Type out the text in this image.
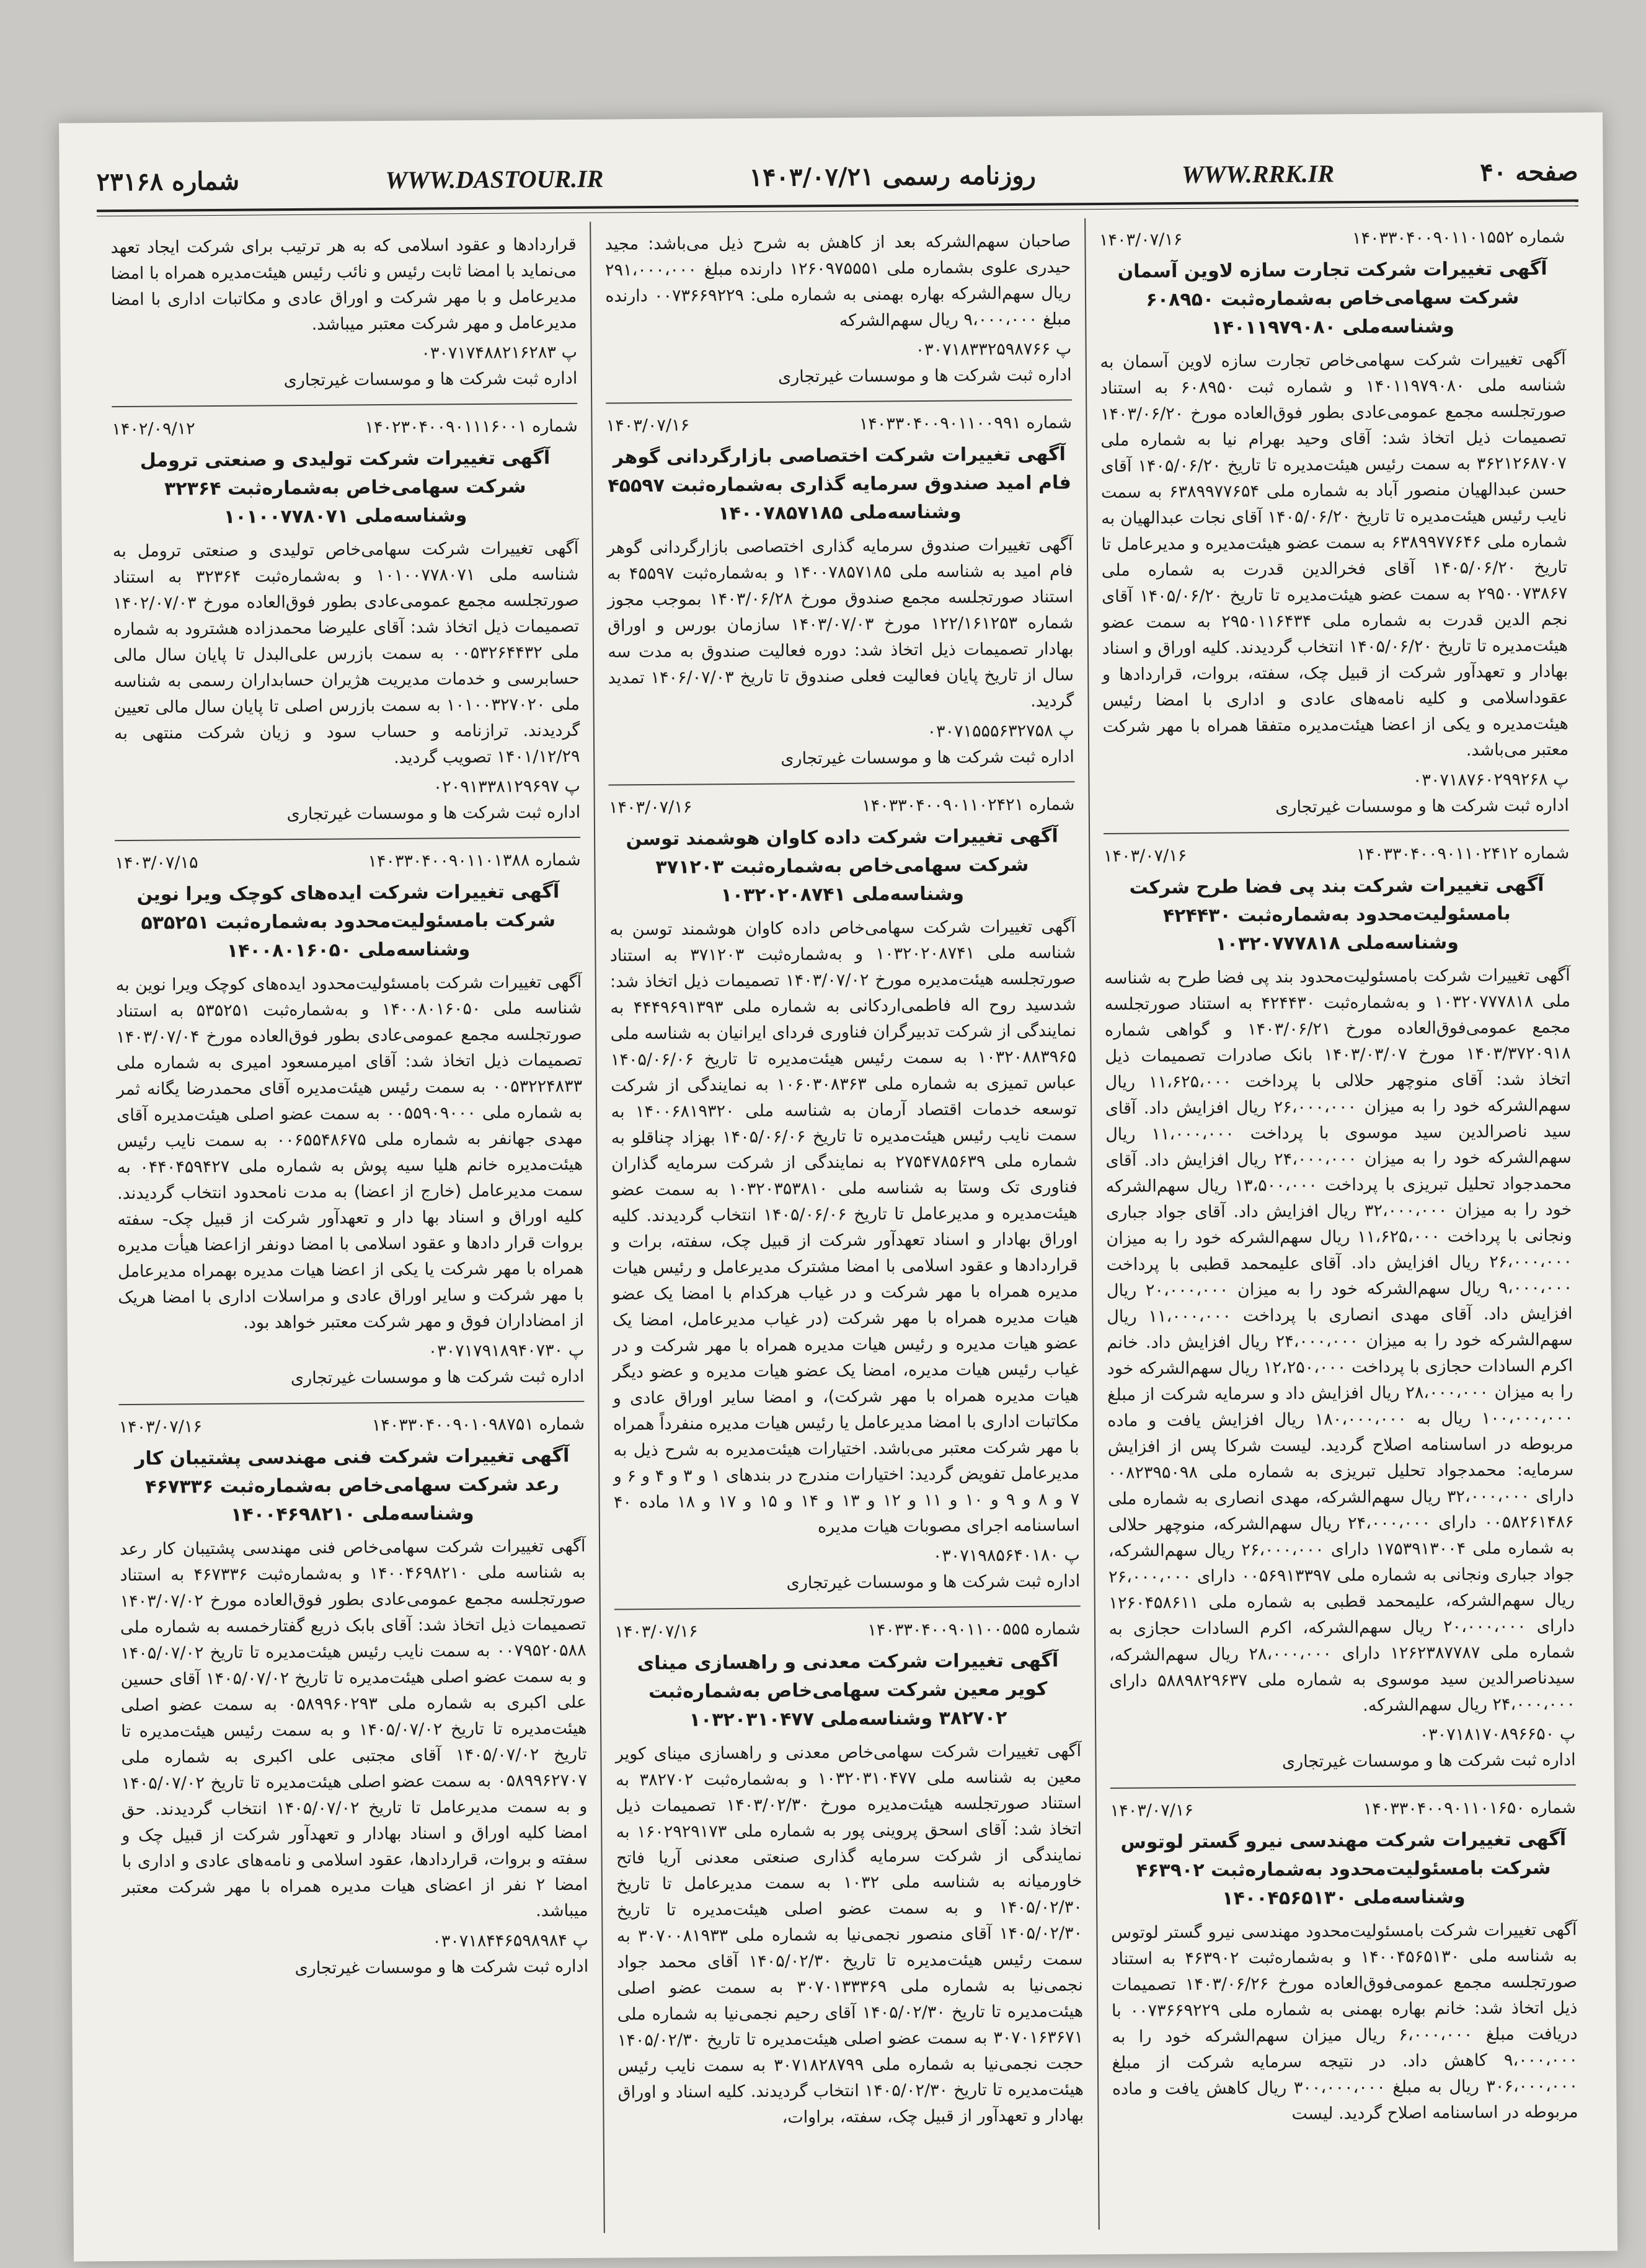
صفحه ۴۰
WWW.RRK.IR
روزنامه رسمی ۱۴۰۳/۰۷/۲۱
WWW.DASTOUR.IR
شماره ۲۳۱۶۸
شماره ۱۴۰۳۳۰۴۰۰۹۰۱۱۰۱۵۵۲
۱۴۰۳/۰۷/۱۶
آگهی تغییرات شرکت تجارت سازه لاوین آسمان شرکت سهامی‌خاص به‌شماره‌ثبت ۶۰۸۹۵۰ وشناسه‌ملی ۱۴۰۱۱۹۷۹۰۸۰

آگهی تغییرات شرکت سهامی‌خاص تجارت سازه لاوین آسمان به شناسه ملی ۱۴۰۱۱۹۷۹۰۸۰ و شماره ثبت ۶۰۸۹۵۰ به استناد صورتجلسه مجمع عمومی‌عادی بطور فوق‌العاده مورخ ۱۴۰۳/۰۶/۲۰ تصمیمات ذیل اتخاذ شد: آقای وحید بهرام نیا به شماره ملی ۳۶۲۱۲۶۸۷۰۷ به سمت رئیس هیئت‌مدیره تا تاریخ ۱۴۰۵/۰۶/۲۰ آقای حسن عبدالهیان منصور آباد به شماره ملی ۶۳۸۹۹۷۷۶۵۴ به سمت نایب رئیس هیئت‌مدیره تا تاریخ ۱۴۰۵/۰۶/۲۰ آقای نجات عبدالهیان به شماره ملی ۶۳۸۹۹۷۷۶۴۶ به سمت عضو هیئت‌مدیره و مدیرعامل تا تاریخ ۱۴۰۵/۰۶/۲۰ آقای فخرالدین قدرت به شماره ملی ۲۹۵۰۰۷۳۸۶۷ به سمت عضو هیئت‌مدیره تا تاریخ ۱۴۰۵/۰۶/۲۰ آقای نجم الدین قدرت به شماره ملی ۲۹۵۰۱۱۶۴۳۴ به سمت عضو هیئت‌مدیره تا تاریخ ۱۴۰۵/۰۶/۲۰ انتخاب گردیدند. کلیه اوراق و اسناد بهادار و تعهدآور شرکت از قبیل چک، سفته، بروات، قراردادها و عقوداسلامی و کلیه نامه‌های عادی و اداری با امضا رئیس هیئت‌مدیره و یکی از اعضا هیئت‌مدیره متفقا همراه با مهر شرکت معتبر می‌باشد.

پ ۰۳۰۷۱۸۷۶۰۲۹۹۲۶۸
اداره ثبت شرکت ها و موسسات غیرتجاری
شماره ۱۴۰۳۳۰۴۰۰۹۰۱۱۰۲۴۱۲
۱۴۰۳/۰۷/۱۶
آگهی تغییرات شرکت بند پی فضا طرح شرکت بامسئولیت‌محدود به‌شماره‌ثبت ۴۲۴۴۳۰ وشناسه‌ملی ۱۰۳۲۰۷۷۷۸۱۸

آگهی تغییرات شرکت بامسئولیت‌محدود بند پی فضا طرح به شناسه ملی ۱۰۳۲۰۷۷۷۸۱۸ و به‌شماره‌ثبت ۴۲۴۴۳۰ به استناد صورتجلسه مجمع عمومی‌فوق‌العاده مورخ ۱۴۰۳/۰۶/۲۱ و گواهی شماره ۱۴۰۳/۳۷۲۰۹۱۸ مورخ ۱۴۰۳/۰۳/۰۷ بانک صادرات تصمیمات ذیل اتخاذ شد: آقای منوچهر حلالی با پرداخت ۱۱،۶۲۵،۰۰۰ ریال سهم‌الشرکه خود را به میزان ۲۶،۰۰۰،۰۰۰ ریال افزایش داد. آقای سید ناصرالدین سید موسوی با پرداخت ۱۱،۰۰۰،۰۰۰ ریال سهم‌الشرکه خود را به میزان ۲۴،۰۰۰،۰۰۰ ریال افزایش داد. آقای محمدجواد تحلیل تبریزی با پرداخت ۱۳،۵۰۰،۰۰۰ ریال سهم‌الشرکه خود را به میزان ۳۲،۰۰۰،۰۰۰ ریال افزایش داد. آقای جواد جباری ونجانی با پرداخت ۱۱،۶۲۵،۰۰۰ ریال سهم‌الشرکه خود را به میزان ۲۶،۰۰۰،۰۰۰ ریال افزایش داد. آقای علیمحمد قطبی با پرداخت ۹،۰۰۰،۰۰۰ ریال سهم‌الشرکه خود را به میزان ۲۰،۰۰۰،۰۰۰ ریال افزایش داد. آقای مهدی انصاری با پرداخت ۱۱،۰۰۰،۰۰۰ ریال سهم‌الشرکه خود را به میزان ۲۴،۰۰۰،۰۰۰ ریال افزایش داد. خانم اکرم السادات حجازی با پرداخت ۱۲،۲۵۰،۰۰۰ ریال سهم‌الشرکه خود را به میزان ۲۸،۰۰۰،۰۰۰ ریال افزایش داد و سرمایه شرکت از مبلغ ۱۰۰،۰۰۰،۰۰۰ ریال به ۱۸۰،۰۰۰،۰۰۰ ریال افزایش یافت و ماده مربوطه در اساسنامه اصلاح گردید. لیست شرکا پس از افزایش سرمایه: محمدجواد تحلیل تبریزی به شماره ملی ۰۰۸۲۳۹۵۰۹۸ دارای ۳۲،۰۰۰،۰۰۰ ریال سهم‌الشرکه، مهدی انصاری به شماره ملی ۰۰۵۸۲۶۱۴۸۶ دارای ۲۴،۰۰۰،۰۰۰ ریال سهم‌الشرکه، منوچهر حلالی به شماره ملی ۱۷۵۳۹۱۳۰۰۴ دارای ۲۶،۰۰۰،۰۰۰ ریال سهم‌الشرکه، جواد جباری ونجانی به شماره ملی ۰۰۵۶۹۱۳۳۹۷ دارای ۲۶،۰۰۰،۰۰۰ ریال سهم‌الشرکه، علیمحمد قطبی به شماره ملی ۱۲۶۰۴۵۸۶۱۱ دارای ۲۰،۰۰۰،۰۰۰ ریال سهم‌الشرکه، اکرم السادات حجازی به شماره ملی ۱۲۶۲۳۸۷۷۸۷ دارای ۲۸،۰۰۰،۰۰۰ ریال سهم‌الشرکه، سیدناصرالدین سید موسوی به شماره ملی ۵۸۸۹۸۲۹۶۳۷ دارای ۲۴،۰۰۰،۰۰۰ ریال سهم‌الشرکه.

پ ۰۳۰۷۱۸۱۷۰۸۹۶۶۵۰
اداره ثبت شرکت ها و موسسات غیرتجاری
شماره ۱۴۰۳۳۰۴۰۰۹۰۱۱۰۱۶۵۰
۱۴۰۳/۰۷/۱۶
آگهی تغییرات شرکت مهندسی نیرو گستر لوتوس شرکت بامسئولیت‌محدود به‌شماره‌ثبت ۴۶۳۹۰۲ وشناسه‌ملی ۱۴۰۰۴۵۶۵۱۳۰

آگهی تغییرات شرکت بامسئولیت‌محدود مهندسی نیرو گستر لوتوس به شناسه ملی ۱۴۰۰۴۵۶۵۱۳۰ و به‌شماره‌ثبت ۴۶۳۹۰۲ به استناد صورتجلسه مجمع عمومی‌فوق‌العاده مورخ ۱۴۰۳/۰۶/۲۶ تصمیمات ذیل اتخاذ شد: خانم بهاره بهمنی به شماره ملی ۰۰۷۳۶۶۹۲۲۹ با دریافت مبلغ ۶،۰۰۰،۰۰۰ ریال میزان سهم‌الشرکه خود را به ۹،۰۰۰،۰۰۰ کاهش داد. در نتیجه سرمایه شرکت از مبلغ ۳۰۶،۰۰۰،۰۰۰ ریال به مبلغ ۳۰۰،۰۰۰،۰۰۰ ریال کاهش یافت و ماده مربوطه در اساسنامه اصلاح گردید. لیست

صاحبان سهم‌الشرکه بعد از کاهش به شرح ذیل می‌باشد: مجید حیدری علوی بشماره ملی ۱۲۶۰۹۷۵۵۵۱ دارنده مبلغ ۲۹۱،۰۰۰،۰۰۰ ریال سهم‌الشرکه بهاره بهمنی به شماره ملی: ۰۰۷۳۶۶۹۲۲۹ دارنده مبلغ ۹،۰۰۰،۰۰۰ ریال سهم‌الشرکه

پ ۰۳۰۷۱۸۳۳۲۵۹۸۷۶۶
اداره ثبت شرکت ها و موسسات غیرتجاری
شماره ۱۴۰۳۳۰۴۰۰۹۰۱۱۰۰۹۹۱
۱۴۰۳/۰۷/۱۶
آگهی تغییرات شرکت اختصاصی بازارگردانی گوهر فام امید صندوق سرمایه گذاری به‌شماره‌ثبت ۴۵۵۹۷ وشناسه‌ملی ۱۴۰۰۷۸۵۷۱۸۵

آگهی تغییرات صندوق سرمایه گذاری اختصاصی بازارگردانی گوهر فام امید به شناسه ملی ۱۴۰۰۷۸۵۷۱۸۵ و به‌شماره‌ثبت ۴۵۵۹۷ به استناد صورتجلسه مجمع صندوق مورخ ۱۴۰۳/۰۶/۲۸ بموجب مجوز شماره ۱۲۲/۱۶۱۲۵۳ مورخ ۱۴۰۳/۰۷/۰۳ سازمان بورس و اوراق بهادار تصمیمات ذیل اتخاذ شد: دوره فعالیت صندوق به مدت سه سال از تاریخ پایان فعالیت فعلی صندوق تا تاریخ ۱۴۰۶/۰۷/۰۳ تمدید گردید.

پ ۰۳۰۷۱۵۵۵۶۳۲۷۵۸
اداره ثبت شرکت ها و موسسات غیرتجاری
شماره ۱۴۰۳۳۰۴۰۰۹۰۱۱۰۲۴۲۱
۱۴۰۳/۰۷/۱۶
آگهی تغییرات شرکت داده کاوان هوشمند توسن شرکت سهامی‌خاص به‌شماره‌ثبت ۳۷۱۲۰۳ وشناسه‌ملی ۱۰۳۲۰۲۰۸۷۴۱

آگهی تغییرات شرکت سهامی‌خاص داده کاوان هوشمند توسن به شناسه ملی ۱۰۳۲۰۲۰۸۷۴۱ و به‌شماره‌ثبت ۳۷۱۲۰۳ به استناد صورتجلسه هیئت‌مدیره مورخ ۱۴۰۳/۰۷/۰۲ تصمیمات ذیل اتخاذ شد: شدسید روح اله فاطمی‌اردکانی به شماره ملی ۴۴۴۹۶۹۱۳۹۳ به نمایندگی از شرکت تدبیرگران فناوری فردای ایرانیان به شناسه ملی ۱۰۳۲۰۸۸۳۹۶۵ به سمت رئیس هیئت‌مدیره تا تاریخ ۱۴۰۵/۰۶/۰۶ عباس تمیزی به شماره ملی ۱۰۶۰۳۰۸۳۶۳ به نمایندگی از شرکت توسعه خدمات اقتصاد آرمان به شناسه ملی ۱۴۰۰۶۸۱۹۳۲۰ به سمت نایب رئیس هیئت‌مدیره تا تاریخ ۱۴۰۵/۰۶/۰۶ بهزاد چناقلو به شماره ملی ۲۷۵۴۷۸۵۶۳۹ به نمایندگی از شرکت سرمایه گذاران فناوری تک وستا به شناسه ملی ۱۰۳۲۰۳۵۳۸۱۰ به سمت عضو هیئت‌مدیره و مدیرعامل تا تاریخ ۱۴۰۵/۰۶/۰۶ انتخاب گردیدند. کلیه اوراق بهادار و اسناد تعهدآور شرکت از قبیل چک، سفته، برات و قراردادها و عقود اسلامی با امضا مشترک مدیرعامل و رئیس هیات مدیره همراه با مهر شرکت و در غیاب هرکدام با امضا یک عضو هیات مدیره همراه با مهر شرکت (در غیاب مدیرعامل، امضا یک عضو هیات مدیره و رئیس هیات مدیره همراه با مهر شرکت و در غیاب رئیس هیات مدیره، امضا یک عضو هیات مدیره و عضو دیگر هیات مدیره همراه با مهر شرکت)، و امضا سایر اوراق عادی و مکاتبات اداری با امضا مدیرعامل یا رئیس هیات مدیره منفرداً همراه با مهر شرکت معتبر می‌باشد. اختیارات هیئت‌مدیره به شرح ذیل به مدیرعامل تفویض گردید: اختیارات مندرج در بندهای ۱ و ۳ و ۴ و ۶ و ۷ و ۸ و ۹ و ۱۰ و ۱۱ و ۱۲ و ۱۳ و ۱۴ و ۱۵ و ۱۷ و ۱۸ ماده ۴۰ اساسنامه اجرای مصوبات هیات مدیره

پ ۰۳۰۷۱۹۸۵۶۴۰۱۸۰
اداره ثبت شرکت ها و موسسات غیرتجاری
شماره ۱۴۰۳۳۰۴۰۰۹۰۱۱۰۰۵۵۵
۱۴۰۳/۰۷/۱۶
آگهی تغییرات شرکت معدنی و راهسازی مینای کویر معین شرکت سهامی‌خاص به‌شماره‌ثبت ۳۸۲۷۰۲ وشناسه‌ملی ۱۰۳۲۰۳۱۰۴۷۷

آگهی تغییرات شرکت سهامی‌خاص معدنی و راهسازی مینای کویر معین به شناسه ملی ۱۰۳۲۰۳۱۰۴۷۷ و به‌شماره‌ثبت ۳۸۲۷۰۲ به استناد صورتجلسه هیئت‌مدیره مورخ ۱۴۰۳/۰۲/۳۰ تصمیمات ذیل اتخاذ شد: آقای اسحق پروینی پور به شماره ملی ۱۶۰۲۹۲۹۱۷۳ به نمایندگی از شرکت سرمایه گذاری صنعتی معدنی آریا فاتح خاورمیانه به شناسه ملی ۱۰۳۲ به سمت مدیرعامل تا تاریخ ۱۴۰۵/۰۲/۳۰ و به سمت عضو اصلی هیئت‌مدیره تا تاریخ ۱۴۰۵/۰۲/۳۰ آقای منصور نجمی‌نیا به شماره ملی ۳۰۷۰۰۸۱۹۳۳ به سمت رئیس هیئت‌مدیره تا تاریخ ۱۴۰۵/۰۲/۳۰ آقای محمد جواد نجمی‌نیا به شماره ملی ۳۰۷۰۱۳۳۳۶۹ به سمت عضو اصلی هیئت‌مدیره تا تاریخ ۱۴۰۵/۰۲/۳۰ آقای رحیم نجمی‌نیا به شماره ملی ۳۰۷۰۱۶۳۶۷۱ به سمت عضو اصلی هیئت‌مدیره تا تاریخ ۱۴۰۵/۰۲/۳۰ حجت نجمی‌نیا به شماره ملی ۳۰۷۱۸۲۸۷۹۹ به سمت نایب رئیس هیئت‌مدیره تا تاریخ ۱۴۰۵/۰۲/۳۰ انتخاب گردیدند. کلیه اسناد و اوراق بهادار و تعهدآور از قبیل چک، سفته، براوات،

قراردادها و عقود اسلامی که به هر ترتیب برای شرکت ایجاد تعهد می‌نماید با امضا ثابت رئیس و نائب رئیس هیئت‌مدیره همراه با امضا مدیرعامل و با مهر شرکت و اوراق عادی و مکاتبات اداری با امضا مدیرعامل و مهر شرکت معتبر میباشد.

پ ۰۳۰۷۱۷۴۸۸۲۱۶۲۸۳
اداره ثبت شرکت ها و موسسات غیرتجاری
شماره ۱۴۰۲۳۰۴۰۰۹۰۱۱۱۶۰۰۱
۱۴۰۲/۰۹/۱۲
آگهی تغییرات شرکت تولیدی و صنعتی ترومل شرکت سهامی‌خاص به‌شماره‌ثبت ۳۲۳۶۴ وشناسه‌ملی ۱۰۱۰۰۷۷۸۰۷۱

آگهی تغییرات شرکت سهامی‌خاص تولیدی و صنعتی ترومل به شناسه ملی ۱۰۱۰۰۷۷۸۰۷۱ و به‌شماره‌ثبت ۳۲۳۶۴ به استناد صورتجلسه مجمع عمومی‌عادی بطور فوق‌العاده مورخ ۱۴۰۲/۰۷/۰۳ تصمیمات ذیل اتخاذ شد: آقای علیرضا محمدزاده هشترود به شماره ملی ۰۰۵۳۲۶۴۴۳۲ به سمت بازرس علی‌البدل تا پایان سال مالی حسابرسی و خدمات مدیریت هژیران حسابداران رسمی به شناسه ملی ۱۰۱۰۰۳۲۷۰۲۰ به سمت بازرس اصلی تا پایان سال مالی تعیین گردیدند. ترازنامه و حساب سود و زیان شرکت منتهی به ۱۴۰۱/۱۲/۲۹ تصویب گردید.

پ ۰۲۰۹۱۳۳۸۱۲۹۶۹۷
اداره ثبت شرکت ها و موسسات غیرتجاری
شماره ۱۴۰۳۳۰۴۰۰۹۰۱۱۰۱۳۸۸
۱۴۰۳/۰۷/۱۵
آگهی تغییرات شرکت ایده‌های کوچک ویرا نوین شرکت بامسئولیت‌محدود به‌شماره‌ثبت ۵۳۵۲۵۱ وشناسه‌ملی ۱۴۰۰۸۰۱۶۰۵۰

آگهی تغییرات شرکت بامسئولیت‌محدود ایده‌های کوچک ویرا نوین به شناسه ملی ۱۴۰۰۸۰۱۶۰۵۰ و به‌شماره‌ثبت ۵۳۵۲۵۱ به استناد صورتجلسه مجمع عمومی‌عادی بطور فوق‌العاده مورخ ۱۴۰۳/۰۷/۰۴ تصمیمات ذیل اتخاذ شد: آقای امیرمسعود امیری به شماره ملی ۰۰۵۳۲۲۴۸۳۳ به سمت رئیس هیئت‌مدیره آقای محمدرضا یگانه ثمر به شماره ملی ۰۰۵۵۹۰۹۰۰۰ به سمت عضو اصلی هیئت‌مدیره آقای مهدی جهانفر به شماره ملی ۰۰۶۵۵۴۸۶۷۵ به سمت نایب رئیس هیئت‌مدیره خانم هلیا سیه پوش به شماره ملی ۰۴۴۰۴۵۹۴۲۷ به سمت مدیرعامل (خارج از اعضا) به مدت نامحدود انتخاب گردیدند. کلیه اوراق و اسناد بها دار و تعهدآور شرکت از قبیل چک- سفته بروات قرار دادها و عقود اسلامی با امضا دونفر ازاعضا هیأت مدیره همراه با مهر شرکت یا یکی از اعضا هیات مدیره بهمراه مدیرعامل با مهر شرکت و سایر اوراق عادی و مراسلات اداری با امضا هریک از امضاداران فوق و مهر شرکت معتبر خواهد بود.

پ ۰۳۰۷۱۷۹۱۸۹۴۰۷۳۰
اداره ثبت شرکت ها و موسسات غیرتجاری
شماره ۱۴۰۳۳۰۴۰۰۹۰۱۰۹۸۷۵۱
۱۴۰۳/۰۷/۱۶
آگهی تغییرات شرکت فنی مهندسی پشتیبان کار رعد شرکت سهامی‌خاص به‌شماره‌ثبت ۴۶۷۳۳۶ وشناسه‌ملی ۱۴۰۰۴۶۹۸۲۱۰

آگهی تغییرات شرکت سهامی‌خاص فنی مهندسی پشتیبان کار رعد به شناسه ملی ۱۴۰۰۴۶۹۸۲۱۰ و به‌شماره‌ثبت ۴۶۷۳۳۶ به استناد صورتجلسه مجمع عمومی‌عادی بطور فوق‌العاده مورخ ۱۴۰۳/۰۷/۰۲ تصمیمات ذیل اتخاذ شد: آقای بابک ذریع گفتارخمسه به شماره ملی ۰۰۷۹۵۲۰۵۸۸ به سمت نایب رئیس هیئت‌مدیره تا تاریخ ۱۴۰۵/۰۷/۰۲ و به سمت عضو اصلی هیئت‌مدیره تا تاریخ ۱۴۰۵/۰۷/۰۲ آقای حسین علی اکبری به شماره ملی ۰۵۸۹۹۶۰۲۹۳ به سمت عضو اصلی هیئت‌مدیره تا تاریخ ۱۴۰۵/۰۷/۰۲ و به سمت رئیس هیئت‌مدیره تا تاریخ ۱۴۰۵/۰۷/۰۲ آقای مجتبی علی اکبری به شماره ملی ۰۵۸۹۹۶۲۷۰۷ به سمت عضو اصلی هیئت‌مدیره تا تاریخ ۱۴۰۵/۰۷/۰۲ و به سمت مدیرعامل تا تاریخ ۱۴۰۵/۰۷/۰۲ انتخاب گردیدند. حق امضا کلیه اوراق و اسناد بهادار و تعهدآور شرکت از قبیل چک و سفته و بروات، قراردادها، عقود اسلامی و نامه‌های عادی و اداری با امضا ۲ نفر از اعضای هیات مدیره همراه با مهر شرکت معتبر میباشد.

پ ۰۳۰۷۱۸۴۴۶۵۹۸۹۸۴
اداره ثبت شرکت ها و موسسات غیرتجاری
